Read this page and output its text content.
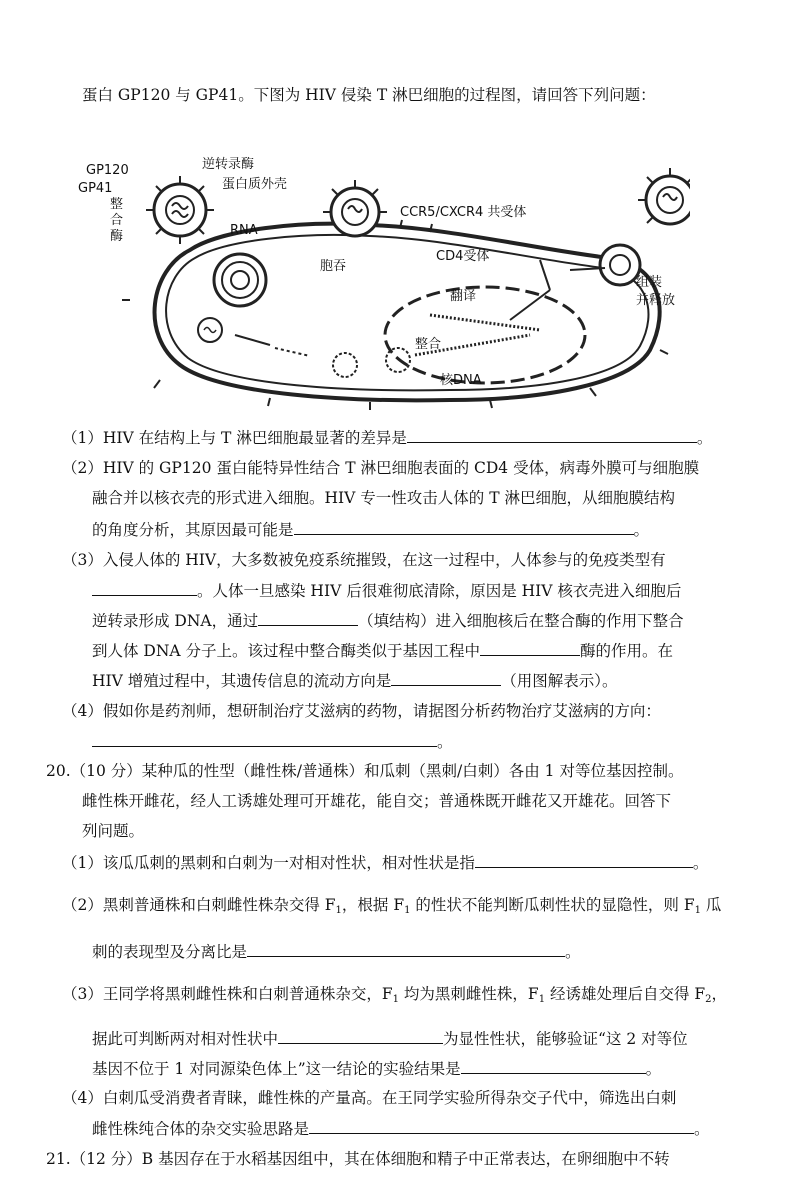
蛋白 GP120 与 GP41。下图为 HIV 侵染 T 淋巴细胞的过程图，请回答下列问题：
GP120
GP41
逆转录酶
蛋白质外壳
整
合
酶	RNA
CCR5/CXCR4 共受体
CD4受体
胞吞
翻译
组装
并释放
整合
核DNA
（1）HIV 在结构上与 T 淋巴细胞最显著的差异是	。
（2）HIV 的 GP120 蛋白能特异性结合 T 淋巴细胞表面的 CD4 受体，病毒外膜可与细胞膜
融合并以核衣壳的形式进入细胞。HIV 专一性攻击人体的 T 淋巴细胞，从细胞膜结构
的角度分析，其原因最可能是	。
（3）入侵人体的 HIV，大多数被免疫系统摧毁，在这一过程中，人体参与的免疫类型有
。人体一旦感染 HIV 后很难彻底清除，原因是 HIV 核衣壳进入细胞后
逆转录形成 DNA，通过	（填结构）进入细胞核后在整合酶的作用下整合
到人体 DNA 分子上。该过程中整合酶类似于基因工程中	酶的作用。在
HIV 增殖过程中，其遗传信息的流动方向是	（用图解表示）。
（4）假如你是药剂师，想研制治疗艾滋病的药物，请据图分析药物治疗艾滋病的方向：
。
20.（10 分）某种瓜的性型（雌性株/普通株）和瓜刺（黑刺/白刺）各由 1 对等位基因控制。
雌性株开雌花，经人工诱雄处理可开雄花，能自交；普通株既开雌花又开雄花。回答下
列问题。
（1）该瓜瓜刺的黑刺和白刺为一对相对性状，相对性状是指	。
（2）黑刺普通株和白刺雌性株杂交得 $F_1$，根据 $F_1$ 的性状不能判断瓜刺性状的显隐性，则 $F_1$ 瓜
刺的表现型及分离比是	。
（3）王同学将黑刺雌性株和白刺普通株杂交，$F_1$ 均为黑刺雌性株，$F_1$ 经诱雄处理后自交得 $F_2$，
据此可判断两对相对性状中	为显性性状，能够验证“这 2 对等位
基因不位于 1 对同源染色体上”这一结论的实验结果是	。
（4）白刺瓜受消费者青睐，雌性株的产量高。在王同学实验所得杂交子代中，筛选出白刺
雌性株纯合体的杂交实验思路是	。
21.（12 分）B 基因存在于水稻基因组中，其在体细胞和精子中正常表达，在卵细胞中不转
